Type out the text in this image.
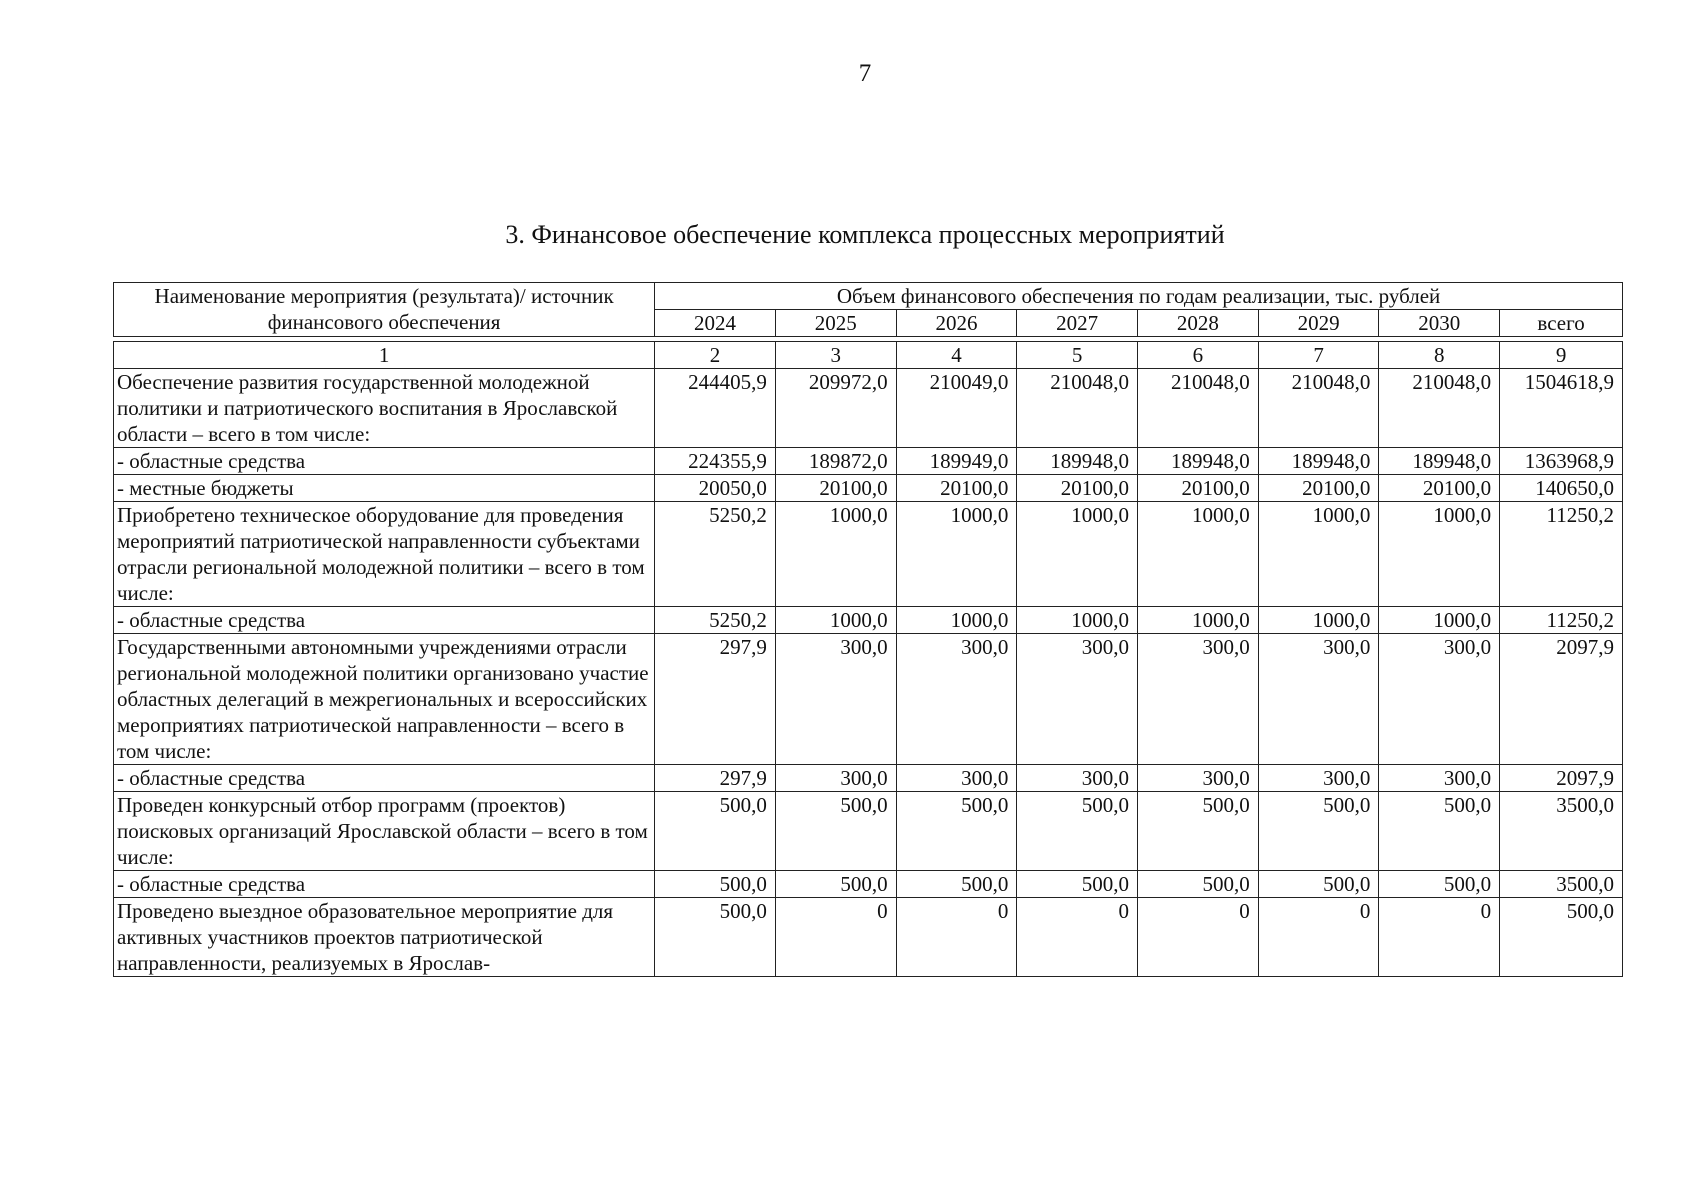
7
3. Финансовое обеспечение комплекса процессных мероприятий
Наименование мероприятия (результата)/ источник финансового обеспечения	Объем финансового обеспечения по годам реализации, тыс. рублей							
	2024	2025	2026	2027	2028	2029	2030	всего

1	2	3	4	5	6	7	8	9
Обеспечение развития государственной молодежной политики и патриотического воспитания в Ярославской области – всего в том числе:	244405,9	209972,0	210049,0	210048,0	210048,0	210048,0	210048,0	1504618,9
- областные средства	224355,9	189872,0	189949,0	189948,0	189948,0	189948,0	189948,0	1363968,9
- местные бюджеты	20050,0	20100,0	20100,0	20100,0	20100,0	20100,0	20100,0	140650,0
Приобретено техническое оборудование для проведения мероприятий патриотической направленности субъектами отрасли региональной молодежной политики – всего в том числе:	5250,2	1000,0	1000,0	1000,0	1000,0	1000,0	1000,0	11250,2
- областные средства	5250,2	1000,0	1000,0	1000,0	1000,0	1000,0	1000,0	11250,2
Государственными автономными учреждениями отрасли региональной молодежной политики организовано участие областных делегаций в межрегиональных и всероссийских мероприятиях патриотической направленности – всего в том числе:	297,9	300,0	300,0	300,0	300,0	300,0	300,0	2097,9
- областные средства	297,9	300,0	300,0	300,0	300,0	300,0	300,0	2097,9
Проведен конкурсный отбор программ (проектов) поисковых организаций Ярославской области – всего в том числе:	500,0	500,0	500,0	500,0	500,0	500,0	500,0	3500,0
- областные средства	500,0	500,0	500,0	500,0	500,0	500,0	500,0	3500,0
Проведено выездное образовательное мероприятие для активных участников проектов патриотической направленности, реализуемых в Ярослав-	500,0	0	0	0	0	0	0	500,0
